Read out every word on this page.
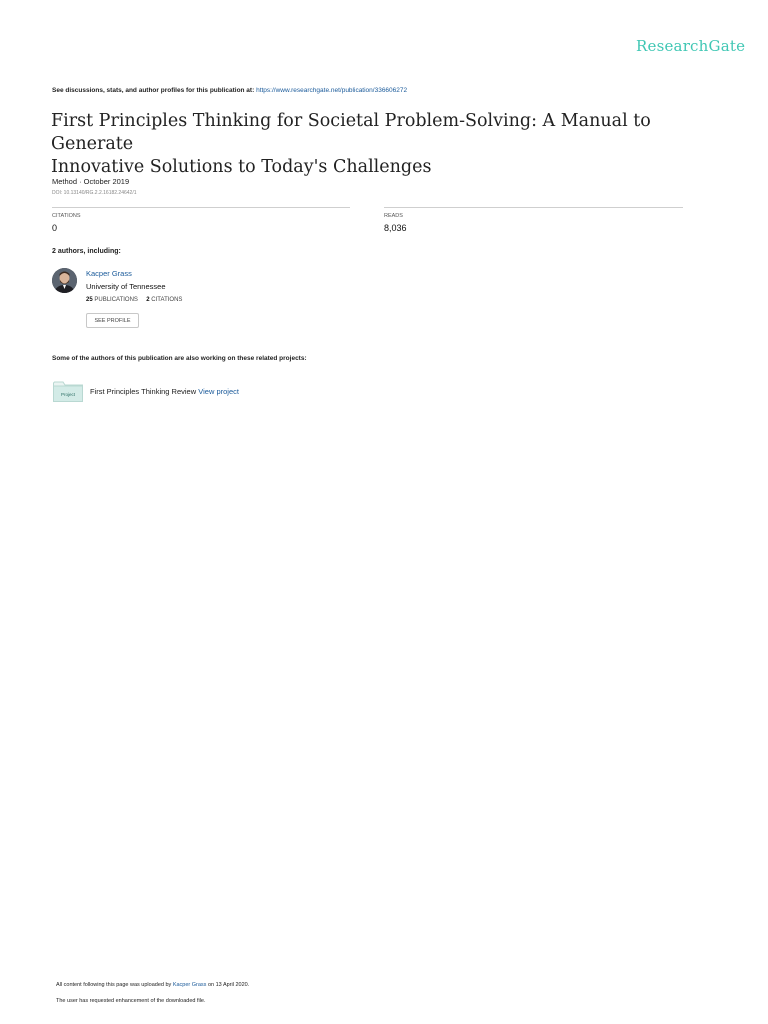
ResearchGate
See discussions, stats, and author profiles for this publication at: https://www.researchgate.net/publication/336606272
First Principles Thinking for Societal Problem-Solving: A Manual to Generate
Innovative Solutions to Today's Challenges
Method · October 2019
DOI: 10.13140/RG.2.2.16182.24642/1
CITATIONS
0
READS
8,036
2 authors, including:
Kacper Grass
University of Tennessee
25 PUBLICATIONS 2 CITATIONS
SEE PROFILE
Some of the authors of this publication are also working on these related projects:
Project First Principles Thinking Review View project
All content following this page was uploaded by Kacper Grass on 13 April 2020.
The user has requested enhancement of the downloaded file.
